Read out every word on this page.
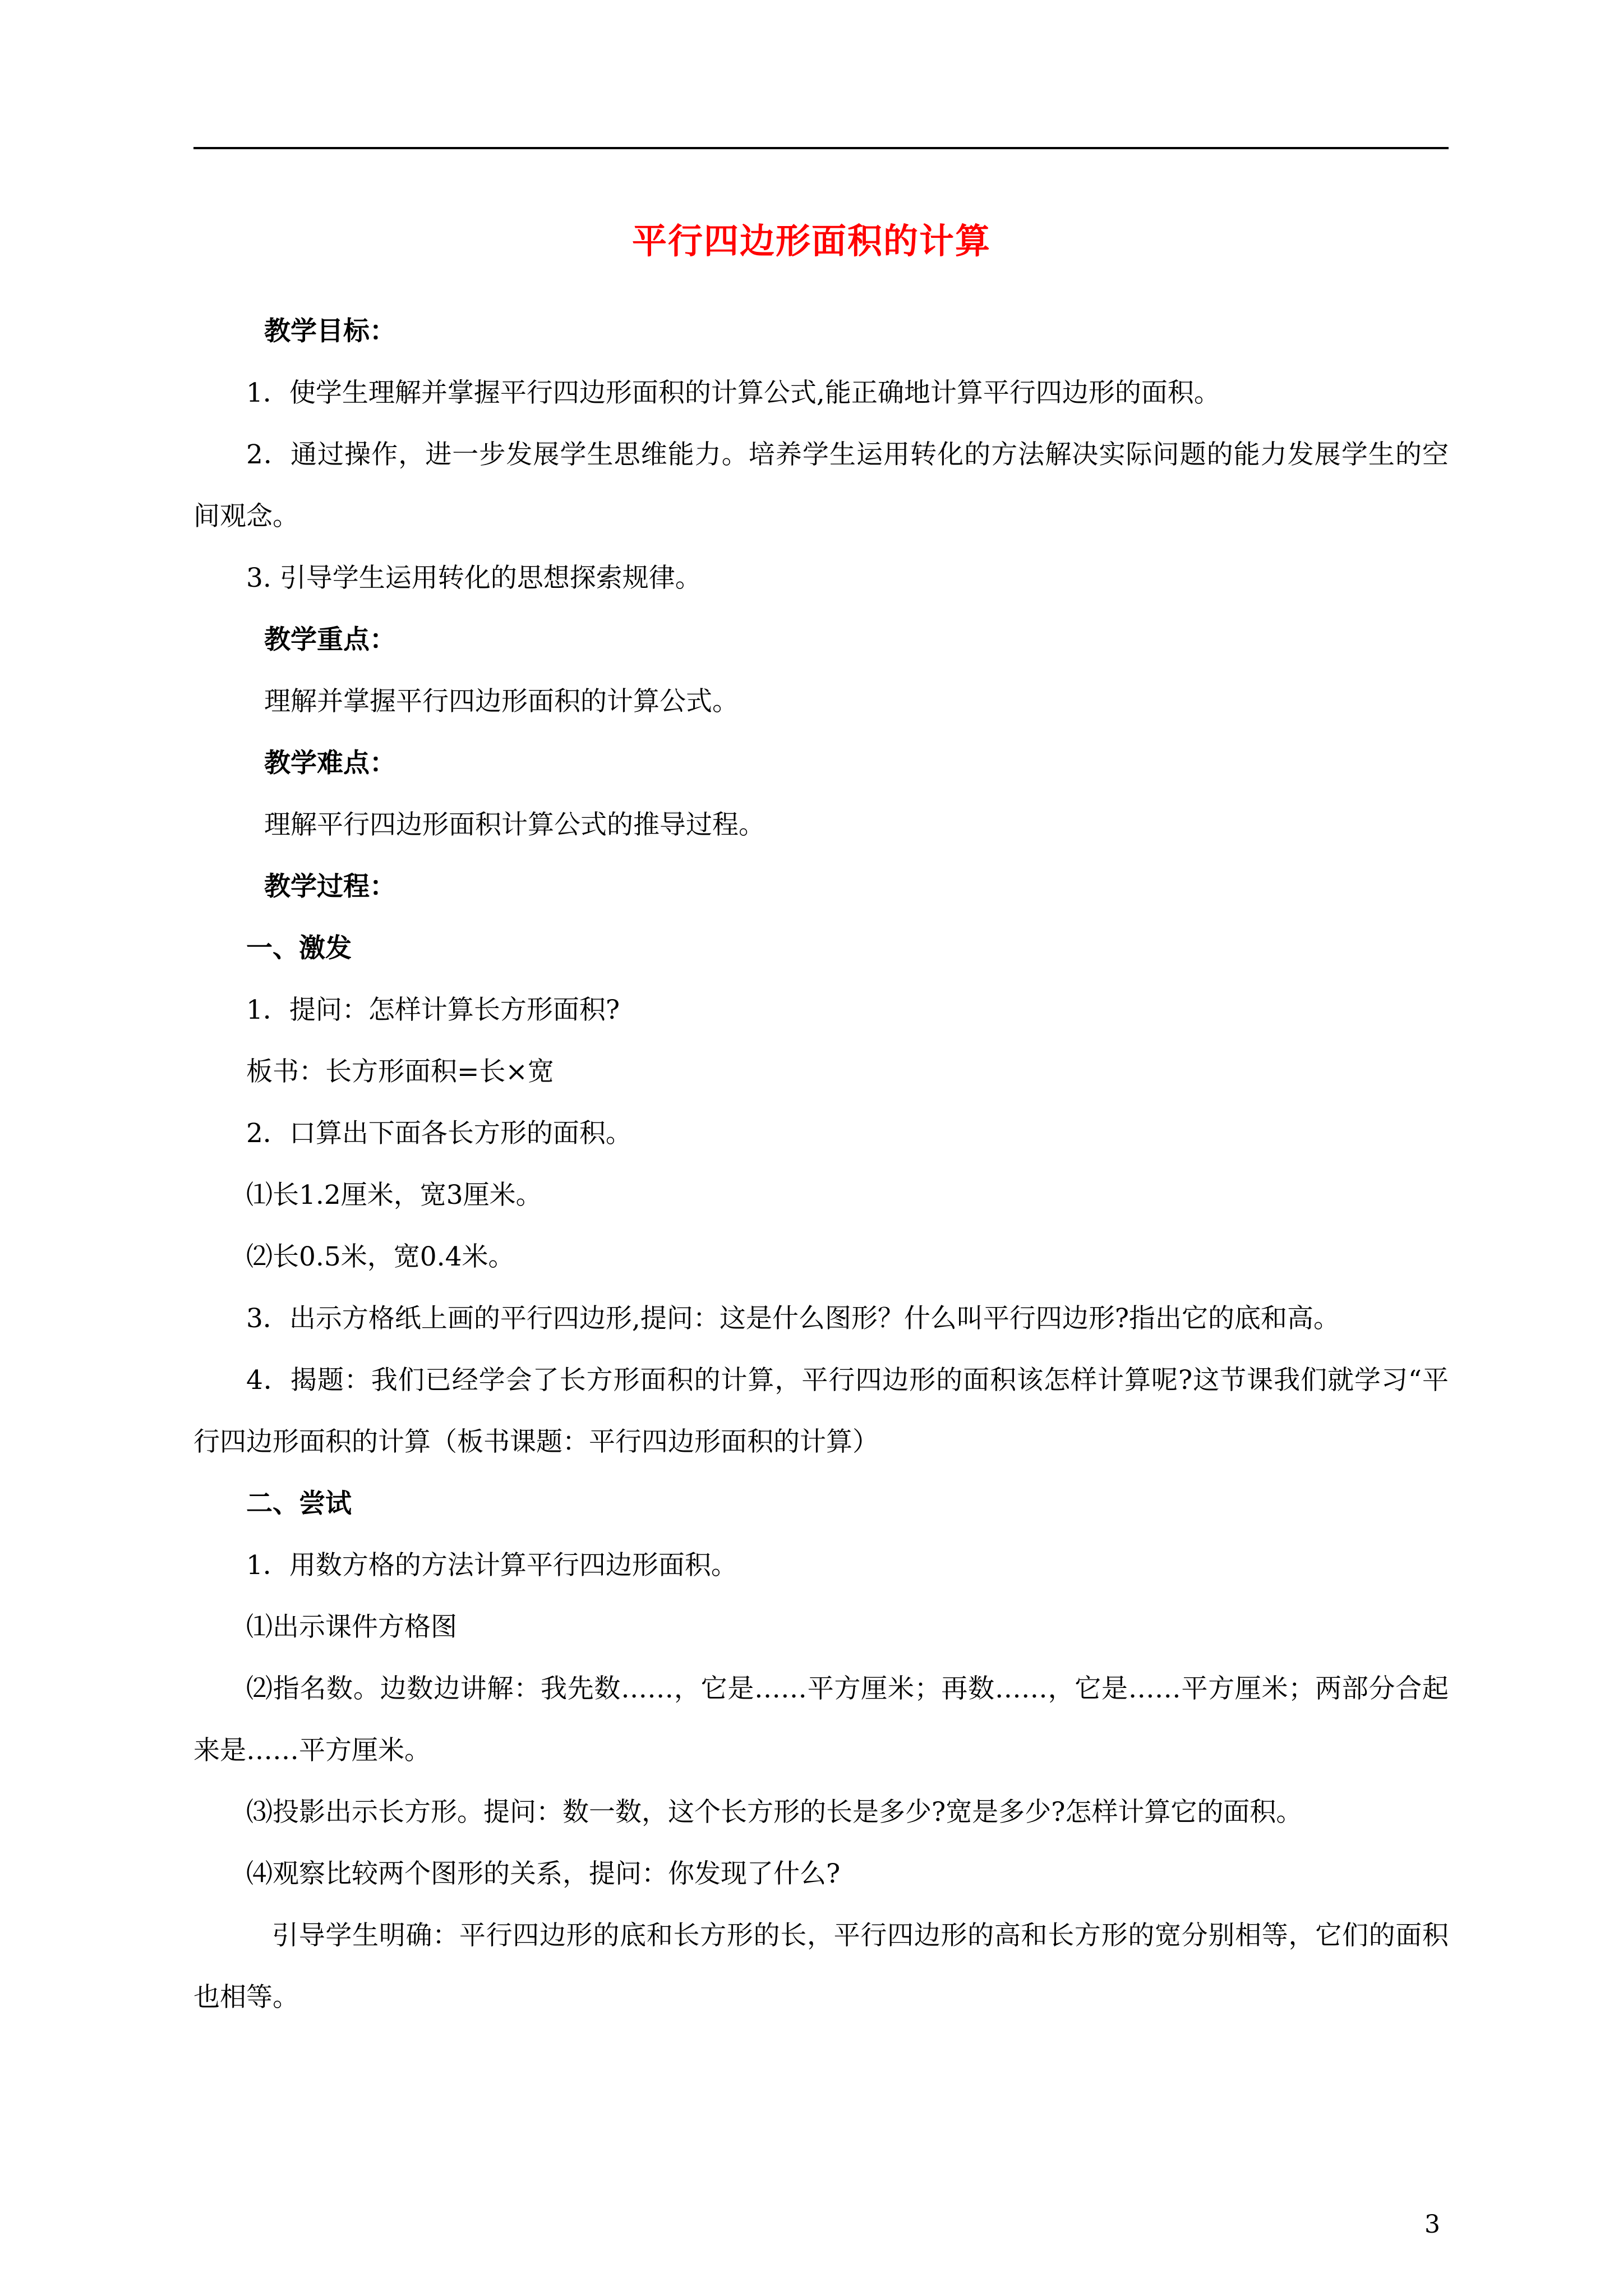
平行四边形面积的计算

教学目标：

1．使学生理解并掌握平行四边形面积的计算公式,能正确地计算平行四边形的面积。

2．通过操作，进一步发展学生思维能力。培养学生运用转化的方法解决实际问题的能力发展学生的空间观念。

3. 引导学生运用转化的思想探索规律。

教学重点：

理解并掌握平行四边形面积的计算公式。

教学难点：

理解平行四边形面积计算公式的推导过程。

教学过程：

一、激发

1．提问：怎样计算长方形面积?

板书：长方形面积=长×宽

2．口算出下面各长方形的面积。

⑴长1.2厘米，宽3厘米。

⑵长0.5米，宽0.4米。

3．出示方格纸上画的平行四边形,提问：这是什么图形？什么叫平行四边形?指出它的底和高。

4．揭题：我们已经学会了长方形面积的计算，平行四边形的面积该怎样计算呢?这节课我们就学习“平行四边形面积的计算（板书课题：平行四边形面积的计算）

二、尝试

1．用数方格的方法计算平行四边形面积。

⑴出示课件方格图

⑵指名数。边数边讲解：我先数……，它是……平方厘米；再数……，它是……平方厘米；两部分合起来是……平方厘米。

⑶投影出示长方形。提问：数一数，这个长方形的长是多少?宽是多少?怎样计算它的面积。

⑷观察比较两个图形的关系，提问：你发现了什么?

引导学生明确：平行四边形的底和长方形的长，平行四边形的高和长方形的宽分别相等，它们的面积也相等。

3
